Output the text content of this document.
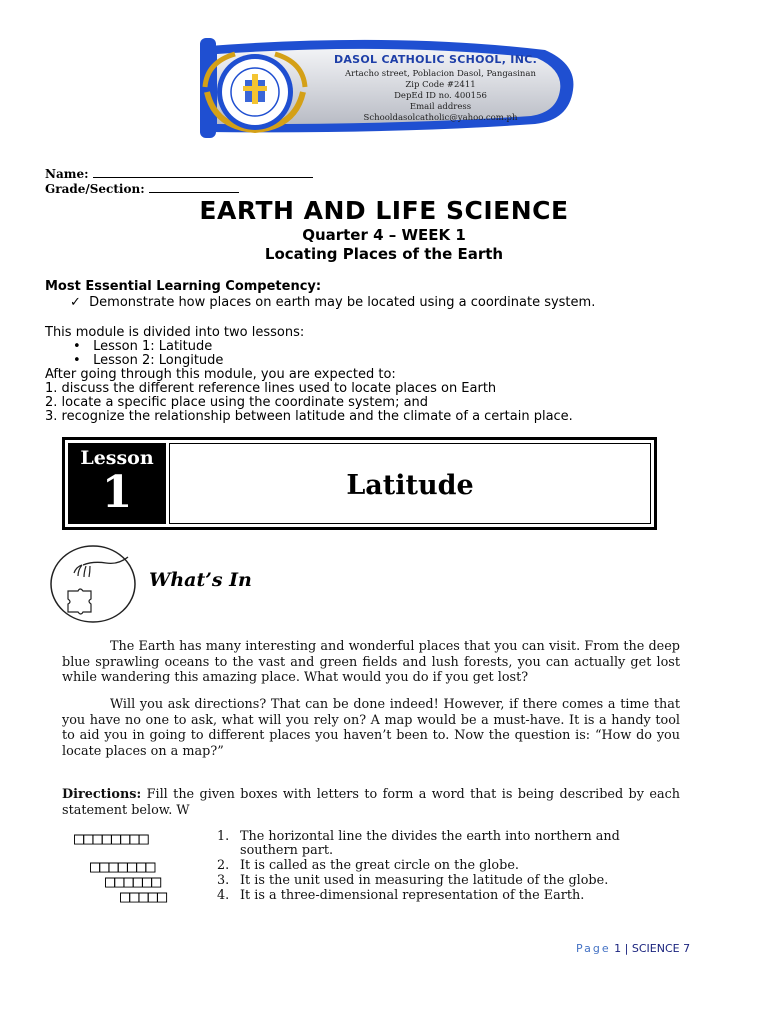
DASOL CATHOLIC SCHOOL, INC.
Artacho street, Poblacion Dasol, Pangasinan
Zip Code #2411
DepEd ID no. 400156
Email address
Schooldasolcatholic@yahoo.com.ph
Name:
Grade/Section:
EARTH AND LIFE SCIENCE
Quarter 4 – WEEK 1
Locating Places of the Earth
Most Essential Learning Competency:
✓ Demonstrate how places on earth may be located using a coordinate system.
This module is divided into two lessons:
•   Lesson 1: Latitude
•   Lesson 2: Longitude
After going through this module, you are expected to:
1. discuss the different reference lines used to locate places on Earth
2. locate a specific place using the coordinate system; and
3. recognize the relationship between latitude and the climate of a certain place.
Lesson
1	Latitude
What’s In
The Earth has many interesting and wonderful places that you can visit. From the deep blue sprawling oceans to the vast and green fields and lush forests, you can actually get lost while wandering this amazing place. What would you do if you get lost?
Will you ask directions? That can be done indeed! However, if there comes a time that you have no one to ask, what will you rely on? A map would be a must-have. It is a handy tool to aid you in going to different places you haven’t been to. Now the question is: “How do you locate places on a map?”
Directions: Fill the given boxes with letters to form a word that is being described by each statement below. W
□□□□□□□□	1. The horizontal line the divides the earth into northern and
southern part.
□□□□□□□	2. It is called as the great circle on the globe.
□□□□□□	3. It is the unit used in measuring the latitude of the globe.
□□□□□	4. It is a three-dimensional representation of the Earth.
Page 1 | SCIENCE 7
